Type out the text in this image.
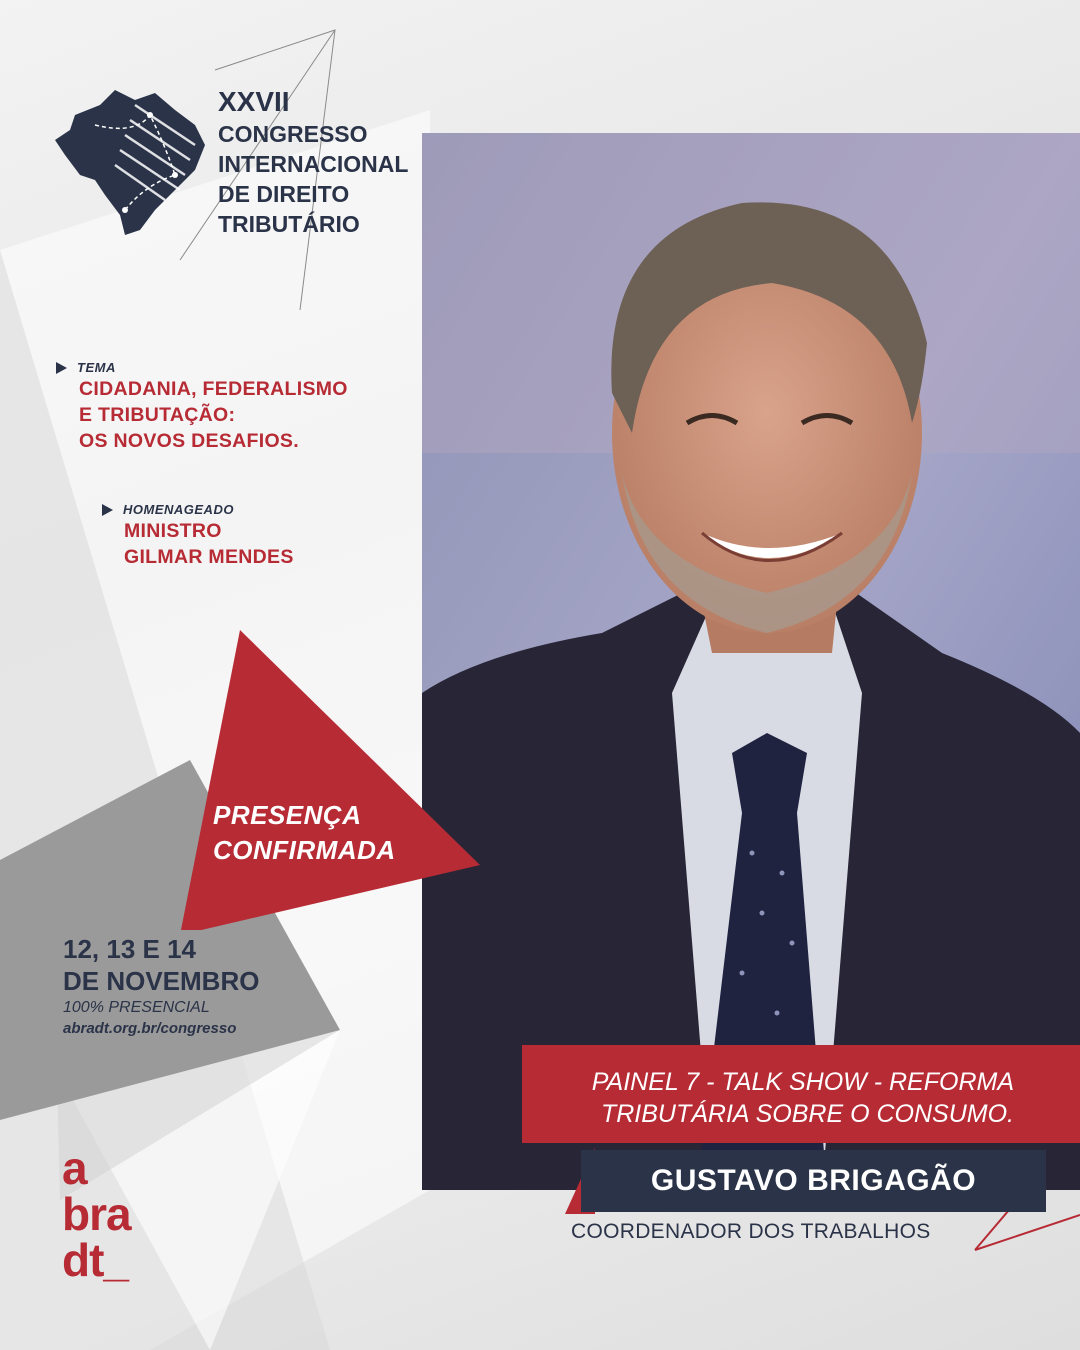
XXVII
CONGRESSO
INTERNACIONAL
DE DIREITO
TRIBUTÁRIO
TEMA
CIDADANIA, FEDERALISMO
E TRIBUTAÇÃO:
OS NOVOS DESAFIOS.
HOMENAGEADO
MINISTRO
GILMAR MENDES
PRESENÇA
CONFIRMADA
12, 13 E 14
DE NOVEMBRO
100% PRESENCIAL
abradt.org.br/congresso
a
bra
dt_
PAINEL 7 - TALK SHOW - REFORMA
TRIBUTÁRIA SOBRE O CONSUMO.
GUSTAVO BRIGAGÃO
COORDENADOR DOS TRABALHOS
